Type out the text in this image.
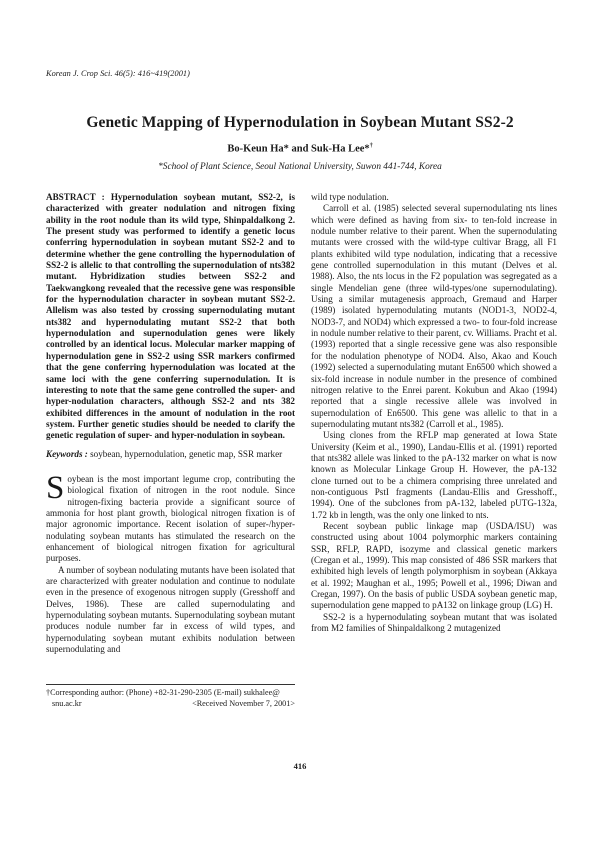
Korean J. Crop Sci. 46(5): 416~419(2001)
Genetic Mapping of Hypernodulation in Soybean Mutant SS2-2
Bo-Keun Ha* and Suk-Ha Lee*†
*School of Plant Science, Seoul National University, Suwon 441-744, Korea
ABSTRACT : Hypernodulation soybean mutant, SS2-2, is characterized with greater nodulation and nitrogen fixing ability in the root nodule than its wild type, Shinpaldalkong 2. The present study was performed to identify a genetic locus conferring hypernodulation in soybean mutant SS2-2 and to determine whether the gene controlling the hypernodulation of SS2-2 is allelic to that controlling the supernodulation of nts382 mutant. Hybridization studies between SS2-2 and Taekwangkong revealed that the recessive gene was responsible for the hypernodulation character in soybean mutant SS2-2. Allelism was also tested by crossing supernodulating mutant nts382 and hypernodulating mutant SS2-2 that both hypernodulation and supernodulation genes were likely controlled by an identical locus. Molecular marker mapping of hypernodulation gene in SS2-2 using SSR markers confirmed that the gene conferring hypernodulation was located at the same loci with the gene conferring supernodulation. It is interesting to note that the same gene controlled the super- and hyper-nodulation characters, although SS2-2 and nts 382 exhibited differences in the amount of nodulation in the root system. Further genetic studies should be needed to clarify the genetic regulation of super- and hyper-nodulation in soybean.
Keywords : soybean, hypernodulation, genetic map, SSR marker

Soybean is the most important legume crop, contributing the biological fixation of nitrogen in the root nodule. Since nitrogen-fixing bacteria provide a significant source of ammonia for host plant growth, biological nitrogen fixation is of major agronomic importance. Recent isolation of super-/hyper-nodulating soybean mutants has stimulated the research on the enhancement of biological nitrogen fixation for agricultural purposes.

A number of soybean nodulating mutants have been isolated that are characterized with greater nodulation and continue to nodulate even in the presence of exogenous nitrogen supply (Gresshoff and Delves, 1986). These are called supernodulating and hypernodulating soybean mutants. Supernodulating soybean mutant produces nodule number far in excess of wild types, and hypernodulating soybean mutant exhibits nodulation between supernodulating and

†Corresponding author: (Phone) +82-31-290-2305 (E-mail) sukhalee@
snu.ac.kr	<Received November 7, 2001>

wild type nodulation.

Carroll et al. (1985) selected several supernodulating nts lines which were defined as having from six- to ten-fold increase in nodule number relative to their parent. When the supernodulating mutants were crossed with the wild-type cultivar Bragg, all F1 plants exhibited wild type nodulation, indicating that a recessive gene controlled supernodulation in this mutant (Delves et al. 1988). Also, the nts locus in the F2 population was segregated as a single Mendelian gene (three wild-types/one supernodulating). Using a similar mutagenesis approach, Gremaud and Harper (1989) isolated hypernodulating mutants (NOD1-3, NOD2-4, NOD3-7, and NOD4) which expressed a two- to four-fold increase in nodule number relative to their parent, cv. Williams. Pracht et al. (1993) reported that a single recessive gene was also responsible for the nodulation phenotype of NOD4. Also, Akao and Kouch (1992) selected a supernodulating mutant En6500 which showed a six-fold increase in nodule number in the presence of combined nitrogen relative to the Enrei parent. Kokubun and Akao (1994) reported that a single recessive allele was involved in supernodulation of En6500. This gene was allelic to that in a supernodulating mutant nts382 (Carroll et al., 1985).

Using clones from the RFLP map generated at Iowa State University (Keim et al., 1990), Landau-Ellis et al. (1991) reported that nts382 allele was linked to the pA-132 marker on what is now known as Molecular Linkage Group H. However, the pA-132 clone turned out to be a chimera comprising three unrelated and non-contiguous PstI fragments (Landau-Ellis and Gresshoff., 1994). One of the subclones from pA-132, labeled pUTG-132a, 1.72 kb in length, was the only one linked to nts.

Recent soybean public linkage map (USDA/ISU) was constructed using about 1004 polymorphic markers containing SSR, RFLP, RAPD, isozyme and classical genetic markers (Cregan et al., 1999). This map consisted of 486 SSR markers that exhibited high levels of length polymorphism in soybean (Akkaya et al. 1992; Maughan et al., 1995; Powell et al., 1996; Diwan and Cregan, 1997). On the basis of public USDA soybean genetic map, supernodulation gene mapped to pA132 on linkage group (LG) H.

SS2-2 is a hypernodulating soybean mutant that was isolated from M2 families of Shinpaldalkong 2 mutagenized

416
